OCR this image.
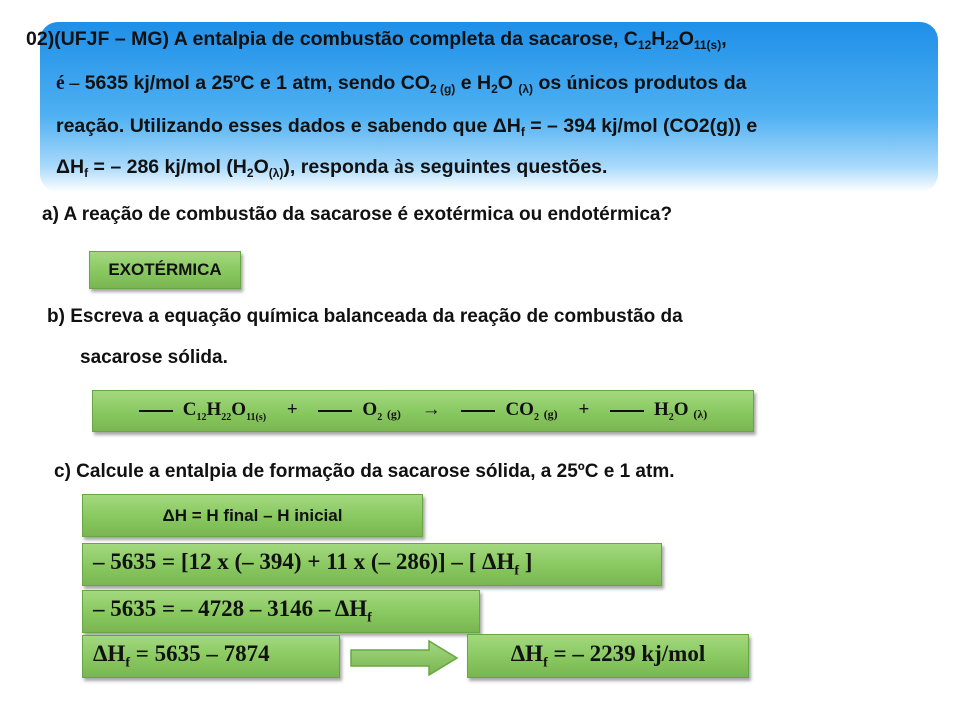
02)(UFJF – MG) A entalpia de combustão completa da sacarose, $C_{12}H_{22}O_{11(s)}$,
é – 5635 kj/mol a 25ºC e 1 atm, sendo $CO_{2 (g)}$ e $H_2O$ $_{(\lambda)}$ os únicos produtos da
reação. Utilizando esses dados e sabendo que $\Delta H_f$ = – 394 kj/mol (CO2(g)) e
$\Delta H_f$ = – 286 kj/mol $(H_2O_{(\lambda)})$, responda às seguintes questões.
a) A reação de combustão da sacarose é exotérmica ou endotérmica?
EXOTÉRMICA
b) Escreva a equação química balanceada da reação de combustão da
sacarose sólida.
$C_{12}H_{22}O_{11(s)}$ +	$O_2$ (g) →	$CO_2$ (g) +	$H_2O$ (λ)
c) Calcule a entalpia de formação da sacarose sólida, a 25ºC e 1 atm.
ΔH = H final – H inicial
– 5635 = [12 x (– 394) + 11 x (– 286)] – [ $\Delta H_f$ ]
– 5635 = – $4728 - 3146 - \Delta H_f$
$\Delta H_f = 5635 - 7874$	$\Delta H_f$ = – 2239 kj/mol
